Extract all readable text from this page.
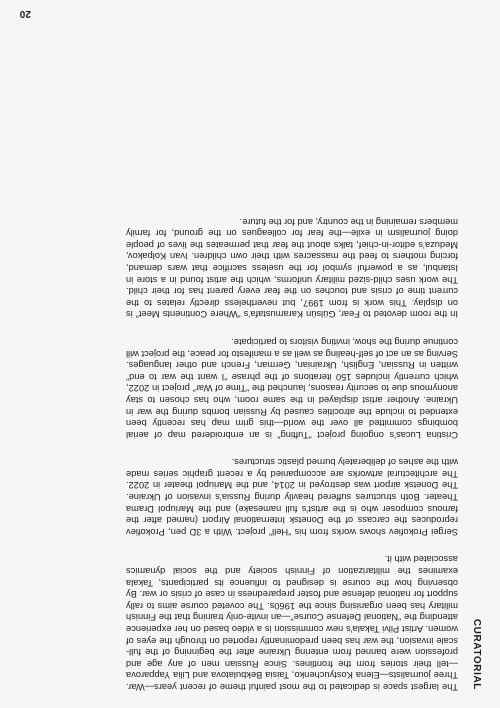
CURATORIAL
20

The largest space is dedicated to the most painful theme of recent years—War. Three journalists—Elena Kostyuchenko, Taisia Bekbulatova and Lilia Yapparova—tell their stories from the frontlines. Since Russian men of any age and profession were banned from entering Ukraine after the beginning of the full-scale invasion, the war has been predominantly reported on through the eyes of women. Artist Pilvi Takala’s new commission is a video based on her experience attending the “National Defense Course”—an invite-only training that the Finnish military has been organising since the 1960s. The coveted course aims to rally support for national defense and foster preparedness in case of crisis or war. By observing how the course is designed to influence its participants, Takala examines the militarization of Finnish society and the social dynamics associated with it.

Sergei Prokofiev shows works from his “Hell” project. With a 3D pen, Prokofiev reproduces the carcass of the Donetsk International Airport (named after the famous composer who is the artist’s full namesake) and the Mariupol Drama Theater. Both structures suffered heavily during Russia’s invasion of Ukraine. The Donetsk airport was destroyed in 2014, and the Mariupol theater in 2022. The architectural artworks are accompanied by a recent graphic series made with the ashes of deliberately burned plastic structures.

Cristina Lucas’s ongoing project “Tufting” is an embroidered map of aerial bombings committed all over the world—this grim map has recently been extended to include the atrocities caused by Russian bombs during the war in Ukraine. Another artist displayed in the same room, who has chosen to stay anonymous due to security reasons, launched the “Time of War” project in 2022, which currently includes 150 iterations of the phrase “I want the war to end” written in Russian, English, Ukrainian, German, French and other languages. Serving as an act of self-healing as well as a manifesto for peace, the project will continue during the show, inviting visitors to participate.

In the room devoted to Fear, Gülsün Karamustafa’s “Where Continents Meet” is on display. This work is from 1997, but nevertheless directly relates to the current time of crisis and touches on the fear every parent has for their child. The work uses child-sized military uniforms, which the artist found in a store in Istanbul, as a powerful symbol for the useless sacrifice that wars demand, forcing mothers to feed the massacres with their own children. Ivan Kolpakov, Meduza’s editor-in-chief, talks about the fear that permeates the lives of people doing journalism in exile—the fear for colleagues on the ground, for family members remaining in the country, and for the future.
